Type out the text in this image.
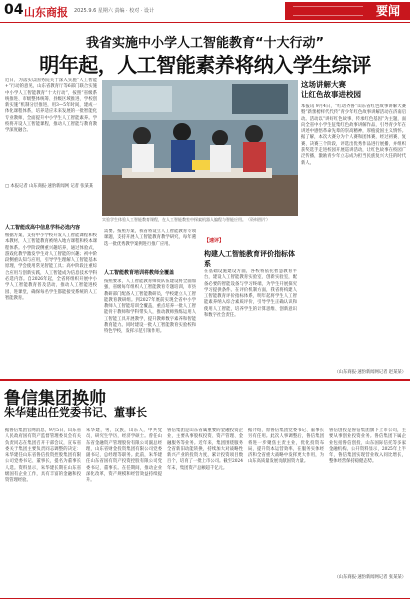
04 山东商报 2025.9.6 星期六 责编 · 校对 · 设计	要闻
我省实施中小学人工智能教育“十大行动”
明年起，人工智能素养将纳入学生综评
近日，为落实以国务院关于深入实施“人工智能+”行动的意见，山东省教育厅等6部门联合实施中小学人工智能教育“十大行动”，按照“省级系统推进、市级整体统筹、县级区域推进、学校创新实施”机制分层推进，用3—5年时间，建成一体化课程体系，培养适应未来发展的一批智能化专业教师，全面提升中小学生人工智能素养。学校将开设人工智能课程，推动人工智能与教育教学深度融合。
□ 本报记者 山东商报·速豹新闻网 记者 张某某
实验学生体验人工智能教育课程，在人工智能教室中探索机器人编程与智能应用。（资料图片）
这场讲解大赛
让红色故事进校园
本报讯 9月4日，“红动齐鲁”山东省红色故事讲解大赛暨“新蕾榜样代代传”青少年红色故事讲解活动在济南启动。活动以“讲好红色故事、传承红色基因”为主题，面向全省中小学生征集红色故事讲解作品，引导青少年在讲述中感悟革命先辈的崇高精神，厚植爱国主义情怀。据了解，本次大赛分为个人赛和团体赛，经过初赛、复赛、决赛三个阶段，评选出优秀作品进行展播，并组织获奖选手走进校园开展巡讲活动，让红色故事在校园广泛传播，激励青少年立志成为担当民族复兴大任的时代新人。
（山东商报·速豹新闻网记者 赵某某）
人工智能成高中信息学科必选内容
根据方案，支持中小学校开发人工智能课程和校本教材，人工智能教育被纳入地方课程和校本课程体系。小学阶段侧重兴趣培养，通过体验式、游戏化教学激发学生对人工智能的兴趣；初中阶段侧重认知与应用，引导学生理解人工智能基本原理，学会使用常见智能工具；高中阶段注重综合应用与创新实践，人工智能成为信息技术学科必选内容。自2026年起，全省将组织开展中小学人工智能教育普及活动，推动人工智能进校园、进课堂，确保每名学生都能接受系统的人工智能教育。
需要。按照方案，我省将设立人工智能教育专项课题，支持开展人工智能教育教学研究，每年遴选一批优秀教学案例进行推广应用。
人工智能教育培训将教师全覆盖
按照要求，人工智能教育师资队伍建设将全面加强，省级每年组织人工智能教育专题培训，市县教研部门配备人工智能教研员，学校建立人工智能教育教研组。到2027年底前实现全省中小学教师人工智能培训全覆盖，重点培养一批人工智能骨干教师和学科带头人，推动教师熟练运用人工智能工具开展教学，提升教师数字素养和智能教育能力。同时建设一批人工智能教育实验校和特色学校，发挥示范引领作用。
【速评】
构建人工智能教育评价指标体系
在基础设施建设方面，各校将依托智慧教育平台，建设人工智能教育实验室、创新实验室，配备必要的智能设备与学习终端，为学生开展探究学习提供条件。在评价机制方面，我省将构建人工智能教育评价指标体系，明年起将学生人工智能素养纳入综合素质评价，引导学生正确认识和使用人工智能，培养学生的计算思维、创新意识和数字社会责任。
鲁信集团换帅
朱华建出任党委书记、董事长
据鲁信集团官网消息，9月5日，山东省人民政府国有资产监督管理委员会有关负责同志在集团召开干部会议，宣布省委关于集团主要负责同志调整的决定：朱华建任山东省鲁信投资控股集团有限公司党委书记、董事长，提名为董事长人选。资料显示，朱华建长期在山东省级国有企业工作，具有丰富的金融和投资管理经验。
朱华建，男，汉族，山东人，中共党员，研究生学历，经济学硕士。曾任山东省金融资产管理股份有限公司副总经理，山东省财金投资集团有限公司党委副书记、总经理等职务。此前，朱华建任山东省国有资产投资控股有限公司党委书记、董事长。在任期间，推动企业深化改革，资产规模和经营效益持续提升。
鲁信集团是山东省属重要的金融投资企业，主要从事股权投资、资产管理、金融服务等业务。近年来，集团围绕服务全省新旧动能转换，持续加大对战略性新兴产业的投资力度，累计投资项目数百个，培育了一批上市公司。截至2024年末，集团资产总额超千亿元。
据介绍，原鲁信集团党委书记、董事长另有任用。此次人事调整后，鲁信集团将进一步聚焦主责主业，优化投资布局，提升资本运营效率，在服务实体经济和全省重大战略中发挥更大作用，为山东高质量发展贡献国资力量。
鲁信创投是鲁信集团旗下上市公司，主要从事创业投资业务。鲁信集团下属企业包括鲁信创投、山东国际信托等多家金融机构。公开资料显示，2025年上半年，鲁信集团实现营业收入同比增长，整体经营保持稳健态势。
（山东商报·速豹新闻网记者 张某某）
